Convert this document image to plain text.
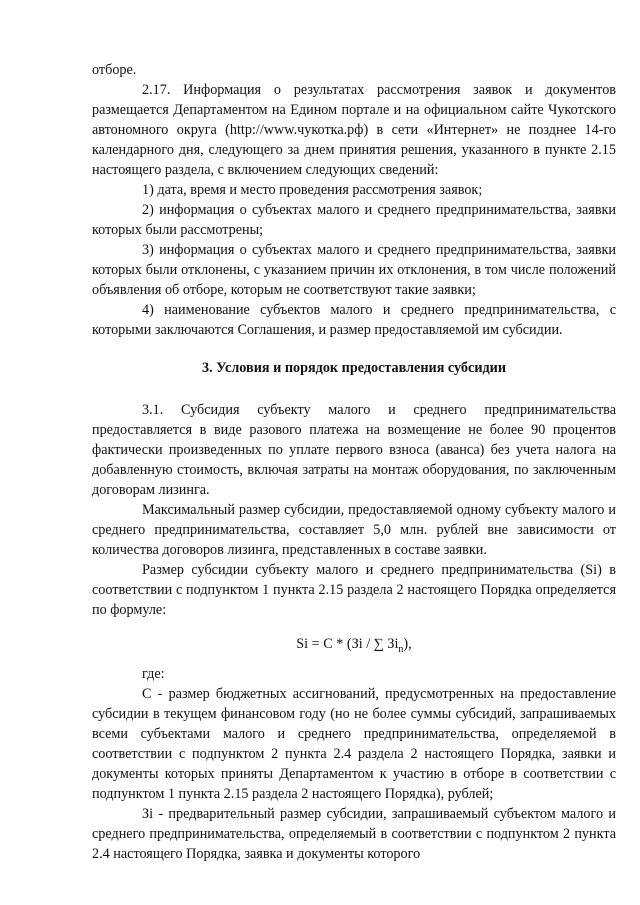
отборе.

2.17. Информация о результатах рассмотрения заявок и документов размещается Департаментом на Едином портале и на официальном сайте Чукотского автономного округа (http://www.чукотка.рф) в сети «Интернет» не позднее 14-го календарного дня, следующего за днем принятия решения, указанного в пункте 2.15 настоящего раздела, с включением следующих сведений:

1) дата, время и место проведения рассмотрения заявок;

2) информация о субъектах малого и среднего предпринимательства, заявки которых были рассмотрены;

3) информация о субъектах малого и среднего предпринимательства, заявки которых были отклонены, с указанием причин их отклонения, в том числе положений объявления об отборе, которым не соответствуют такие заявки;

4) наименование субъектов малого и среднего предпринимательства, с которыми заключаются Соглашения, и размер предоставляемой им субсидии.

3. Условия и порядок предоставления субсидии

3.1. Субсидия субъекту малого и среднего предпринимательства предоставляется в виде разового платежа на возмещение не более 90 процентов фактически произведенных по уплате первого взноса (аванса) без учета налога на добавленную стоимость, включая затраты на монтаж оборудования, по заключенным договорам лизинга.

Максимальный размер субсидии, предоставляемой одному субъекту малого и среднего предпринимательства, составляет 5,0 млн. рублей вне зависимости от количества договоров лизинга, представленных в составе заявки.

Размер субсидии субъекту малого и среднего предпринимательства (Si) в соответствии с подпунктом 1 пункта 2.15 раздела 2 настоящего Порядка определяется по формуле:

Si = C * (Зi / ∑ $Зi_n$),

где:

C - размер бюджетных ассигнований, предусмотренных на предоставление субсидии в текущем финансовом году (но не более суммы субсидий, запрашиваемых всеми субъектами малого и среднего предпринимательства, определяемой в соответствии с подпунктом 2 пункта 2.4 раздела 2 настоящего Порядка, заявки и документы которых приняты Департаментом к участию в отборе в соответствии с подпунктом 1 пункта 2.15 раздела 2 настоящего Порядка), рублей;

Зi - предварительный размер субсидии, запрашиваемый субъектом малого и среднего предпринимательства, определяемый в соответствии с подпунктом 2 пункта 2.4 настоящего Порядка, заявка и документы которого
